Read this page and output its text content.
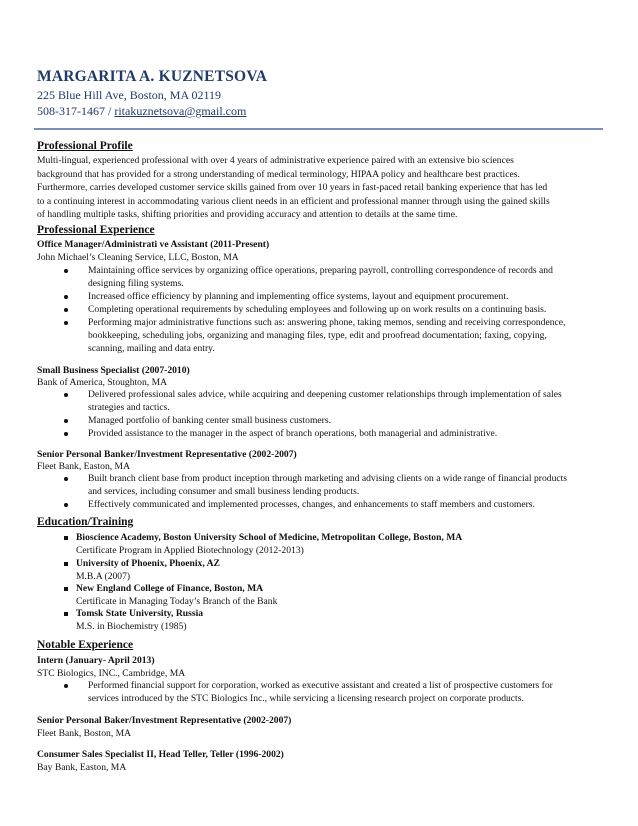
MARGARITA A. KUZNETSOVA
225 Blue Hill Ave, Boston, MA 02119
508-317-1467 / ritakuznetsova@gmail.com
Professional Profile
Multi-lingual, experienced professional with over 4 years of administrative experience paired with an extensive bio sciences
background that has provided for a strong understanding of medical terminology, HIPAA policy and healthcare best practices.
Furthermore, carries developed customer service skills gained from over 10 years in fast-paced retail banking experience that has led
to a continuing interest in accommodating various client needs in an efficient and professional manner through using the gained skills
of handling multiple tasks, shifting priorities and providing accuracy and attention to details at the same time.
Professional Experience
Office Manager/Administrati ve Assistant (2011-Present)
John Michael’s Cleaning Service, LLC, Boston, MA
Maintaining office services by organizing office operations, preparing payroll, controlling correspondence of records and
designing filing systems.
Increased office efficiency by planning and implementing office systems, layout and equipment procurement.
Completing operational requirements by scheduling employees and following up on work results on a continuing basis.
Performing major administrative functions such as: answering phone, taking memos, sending and receiving correspondence,
bookkeeping, scheduling jobs, organizing and managing files, type, edit and proofread documentation; faxing, copying,
scanning, mailing and data entry.
Small Business Specialist (2007-2010)
Bank of America, Stoughton, MA
Delivered professional sales advice, while acquiring and deepening customer relationships through implementation of sales
strategies and tactics.
Managed portfolio of banking center small business customers.
Provided assistance to the manager in the aspect of branch operations, both managerial and administrative.
Senior Personal Banker/Investment Representative (2002-2007)
Fleet Bank, Easton, MA
Built branch client base from product inception through marketing and advising clients on a wide range of financial products
and services, including consumer and small business lending products.
Effectively communicated and implemented processes, changes, and enhancements to staff members and customers.
Education/Training
Bioscience Academy, Boston University School of Medicine, Metropolitan College, Boston, MA
Certificate Program in Applied Biotechnology (2012-2013)
University of Phoenix, Phoenix, AZ
M.B.A (2007)
New England College of Finance, Boston, MA
Certificate in Managing Today’s Branch of the Bank
Tomsk State University, Russia
M.S. in Biochemistry (1985)
Notable Experience
Intern (January- April 2013)
STC Biologics, INC., Cambridge, MA
Performed financial support for corporation, worked as executive assistant and created a list of prospective customers for
services introduced by the STC Biologics Inc., while servicing a licensing research project on corporate products.
Senior Personal Baker/Investment Representative (2002-2007)
Fleet Bank, Boston, MA
Consumer Sales Specialist II, Head Teller, Teller (1996-2002)
Bay Bank, Easton, MA
